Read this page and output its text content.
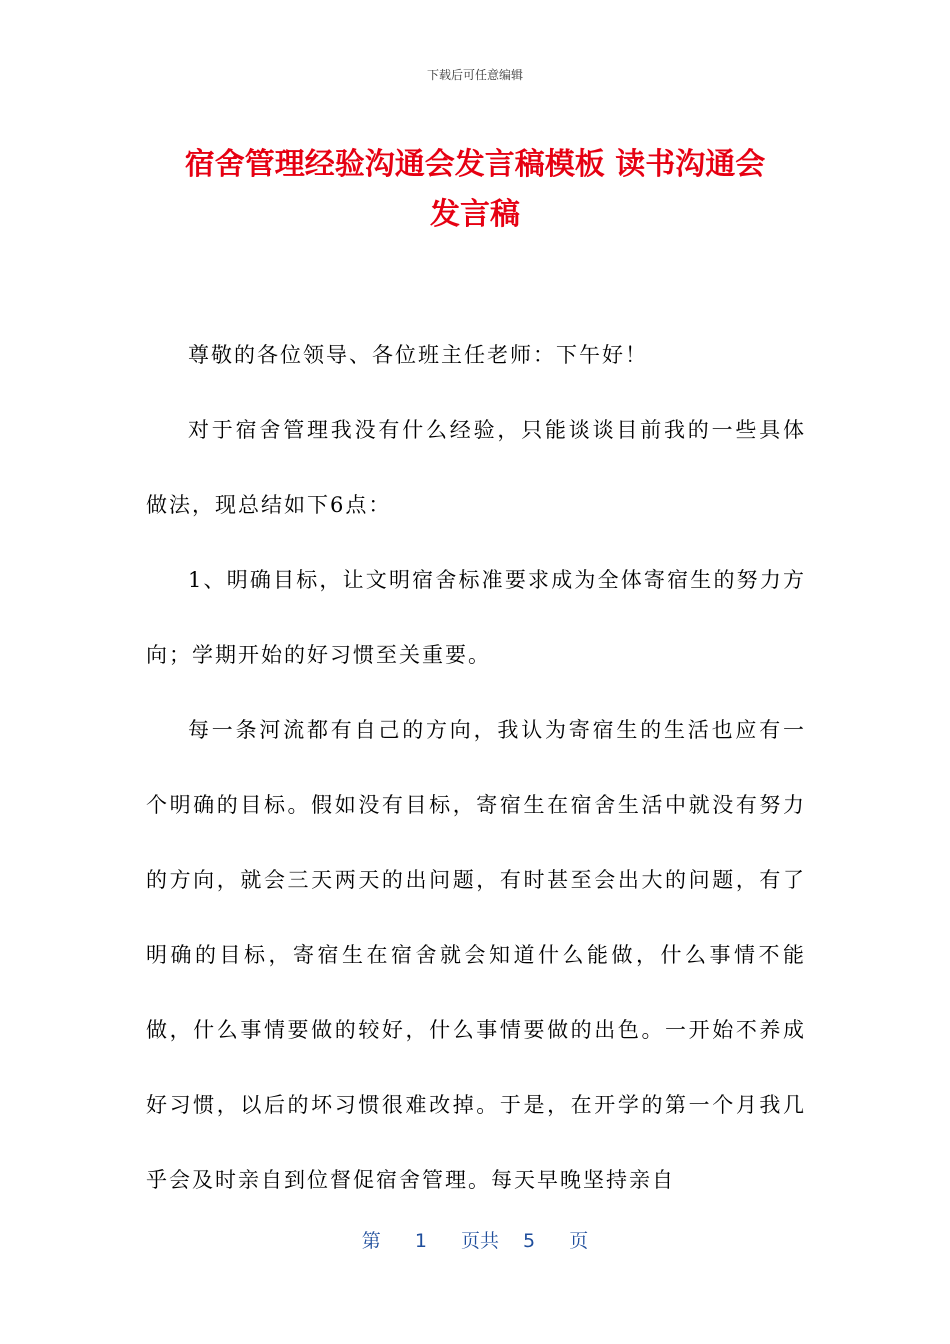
下载后可任意编辑
宿舍管理经验沟通会发言稿模板 读书沟通会
发言稿

尊敬的各位领导、各位班主任老师：下午好！

对于宿舍管理我没有什么经验，只能谈谈目前我的一些具体做法，现总结如下6点：

1、明确目标，让文明宿舍标准要求成为全体寄宿生的努力方向；学期开始的好习惯至关重要。

每一条河流都有自己的方向，我认为寄宿生的生活也应有一个明确的目标。假如没有目标，寄宿生在宿舍生活中就没有努力的方向，就会三天两天的出问题，有时甚至会出大的问题，有了明确的目标，寄宿生在宿舍就会知道什么能做，什么事情不能做，什么事情要做的较好，什么事情要做的出色。一开始不养成好习惯，以后的坏习惯很难改掉。于是，在开学的第一个月我几乎会及时亲自到位督促宿舍管理。每天早晚坚持亲自

第 1 页共 5 页
